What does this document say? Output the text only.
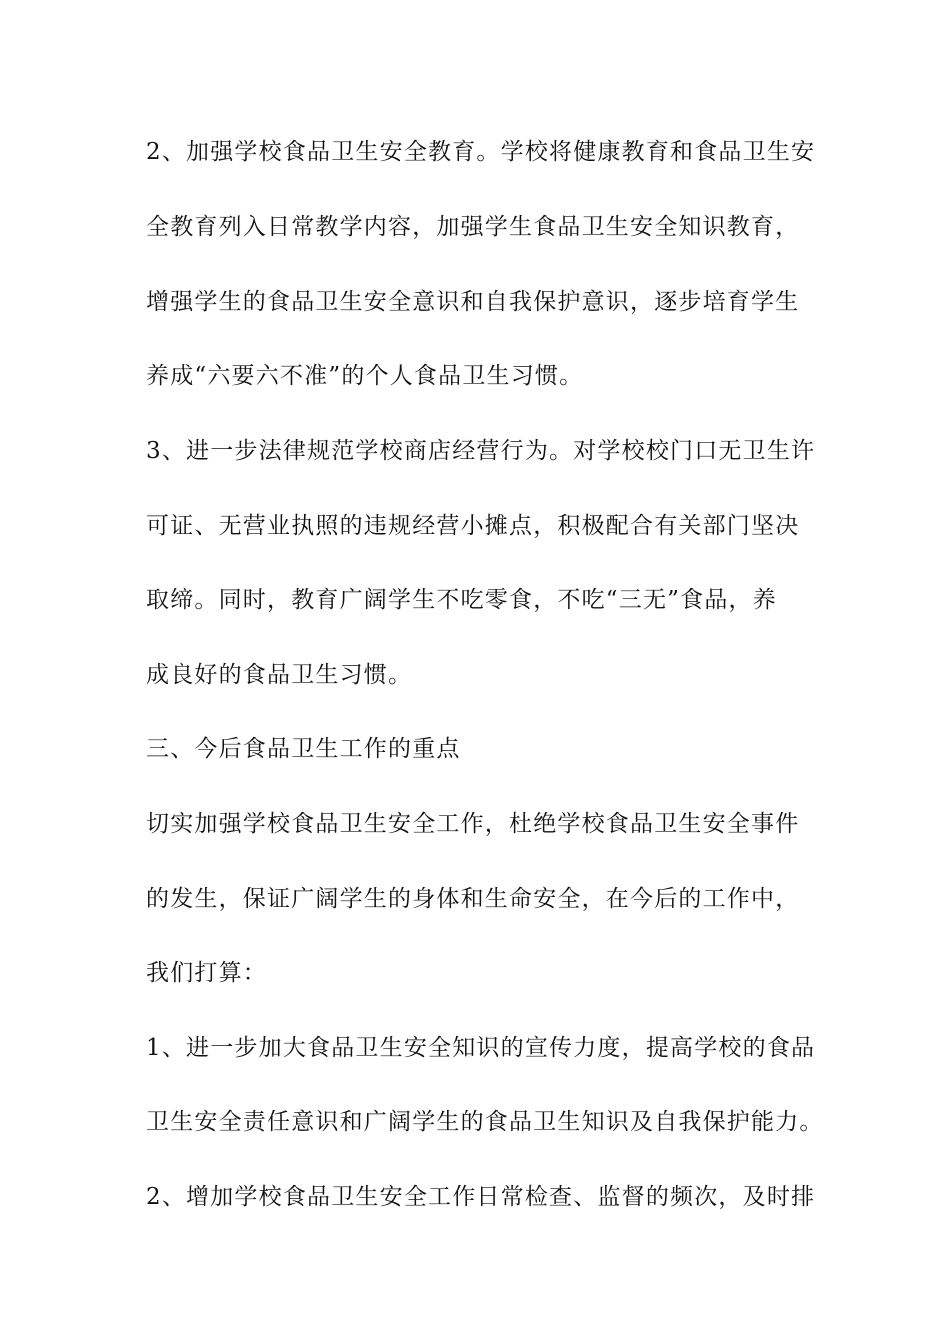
2、加强学校食品卫生安全教育。学校将健康教育和食品卫生安
全教育列入日常教学内容，加强学生食品卫生安全知识教育，
增强学生的食品卫生安全意识和自我保护意识，逐步培育学生
养成“六要六不准”的个人食品卫生习惯。
3、进一步法律规范学校商店经营行为。对学校校门口无卫生许
可证、无营业执照的违规经营小摊点，积极配合有关部门坚决
取缔。同时，教育广阔学生不吃零食，不吃“三无”食品，养
成良好的食品卫生习惯。
三、今后食品卫生工作的重点
切实加强学校食品卫生安全工作，杜绝学校食品卫生安全事件
的发生，保证广阔学生的身体和生命安全，在今后的工作中，
我们打算：
1、进一步加大食品卫生安全知识的宣传力度，提高学校的食品
卫生安全责任意识和广阔学生的食品卫生知识及自我保护能力。
2、增加学校食品卫生安全工作日常检查、监督的频次，及时排
